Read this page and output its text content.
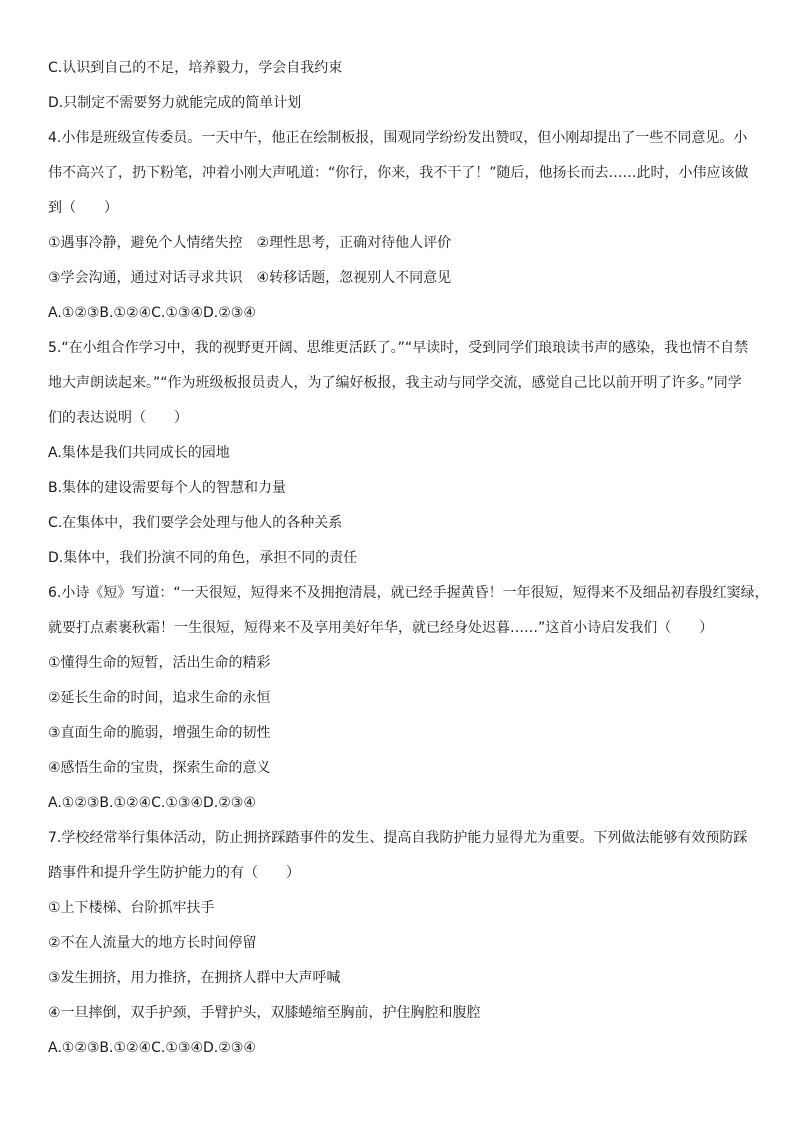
C.认识到自己的不足，培养毅力，学会自我约束
D.只制定不需要努力就能完成的简单计划
4.小伟是班级宣传委员。一天中午，他正在绘制板报，围观同学纷纷发出赞叹，但小刚却提出了一些不同意见。小
伟不高兴了，扔下粉笔，冲着小刚大声吼道：“你行，你来，我不干了！”随后，他扬长而去……此时，小伟应该做
到（　　）
①遇事冷静，避免个人情绪失控　②理性思考，正确对待他人评价
③学会沟通，通过对话寻求共识　④转移话题，忽视别人不同意见
A.①②③B.①②④C.①③④D.②③④
5.“在小组合作学习中，我的视野更开阔、思维更活跃了。”“早读时，受到同学们琅琅读书声的感染，我也情不自禁
地大声朗读起来。”“作为班级板报员责人，为了编好板报，我主动与同学交流，感觉自己比以前开明了许多。”同学
们的表达说明（　　）
A.集体是我们共同成长的园地
B.集体的建设需要每个人的智慧和力量
C.在集体中，我们要学会处理与他人的各种关系
D.集体中，我们扮演不同的角色，承担不同的责任
6.小诗《短》写道：“一天很短，短得来不及拥抱清晨，就已经手握黄昏！一年很短，短得来不及细品初春殷红窦绿，
就要打点素裹秋霜！一生很短，短得来不及享用美好年华，就已经身处迟暮……”这首小诗启发我们（　　）
①懂得生命的短暂，活出生命的精彩
②延长生命的时间，追求生命的永恒
③直面生命的脆弱，增强生命的韧性
④感悟生命的宝贵，探索生命的意义
A.①②③B.①②④C.①③④D.②③④
7.学校经常举行集体活动，防止拥挤踩踏事件的发生、提高自我防护能力显得尤为重要。下列做法能够有效预防踩
踏事件和提升学生防护能力的有（　　）
①上下楼梯、台阶抓牢扶手
②不在人流量大的地方长时间停留
③发生拥挤，用力推挤，在拥挤人群中大声呼喊
④一旦摔倒，双手护颈，手臂护头，双膝蜷缩至胸前，护住胸腔和腹腔
A.①②③B.①②④C.①③④D.②③④
